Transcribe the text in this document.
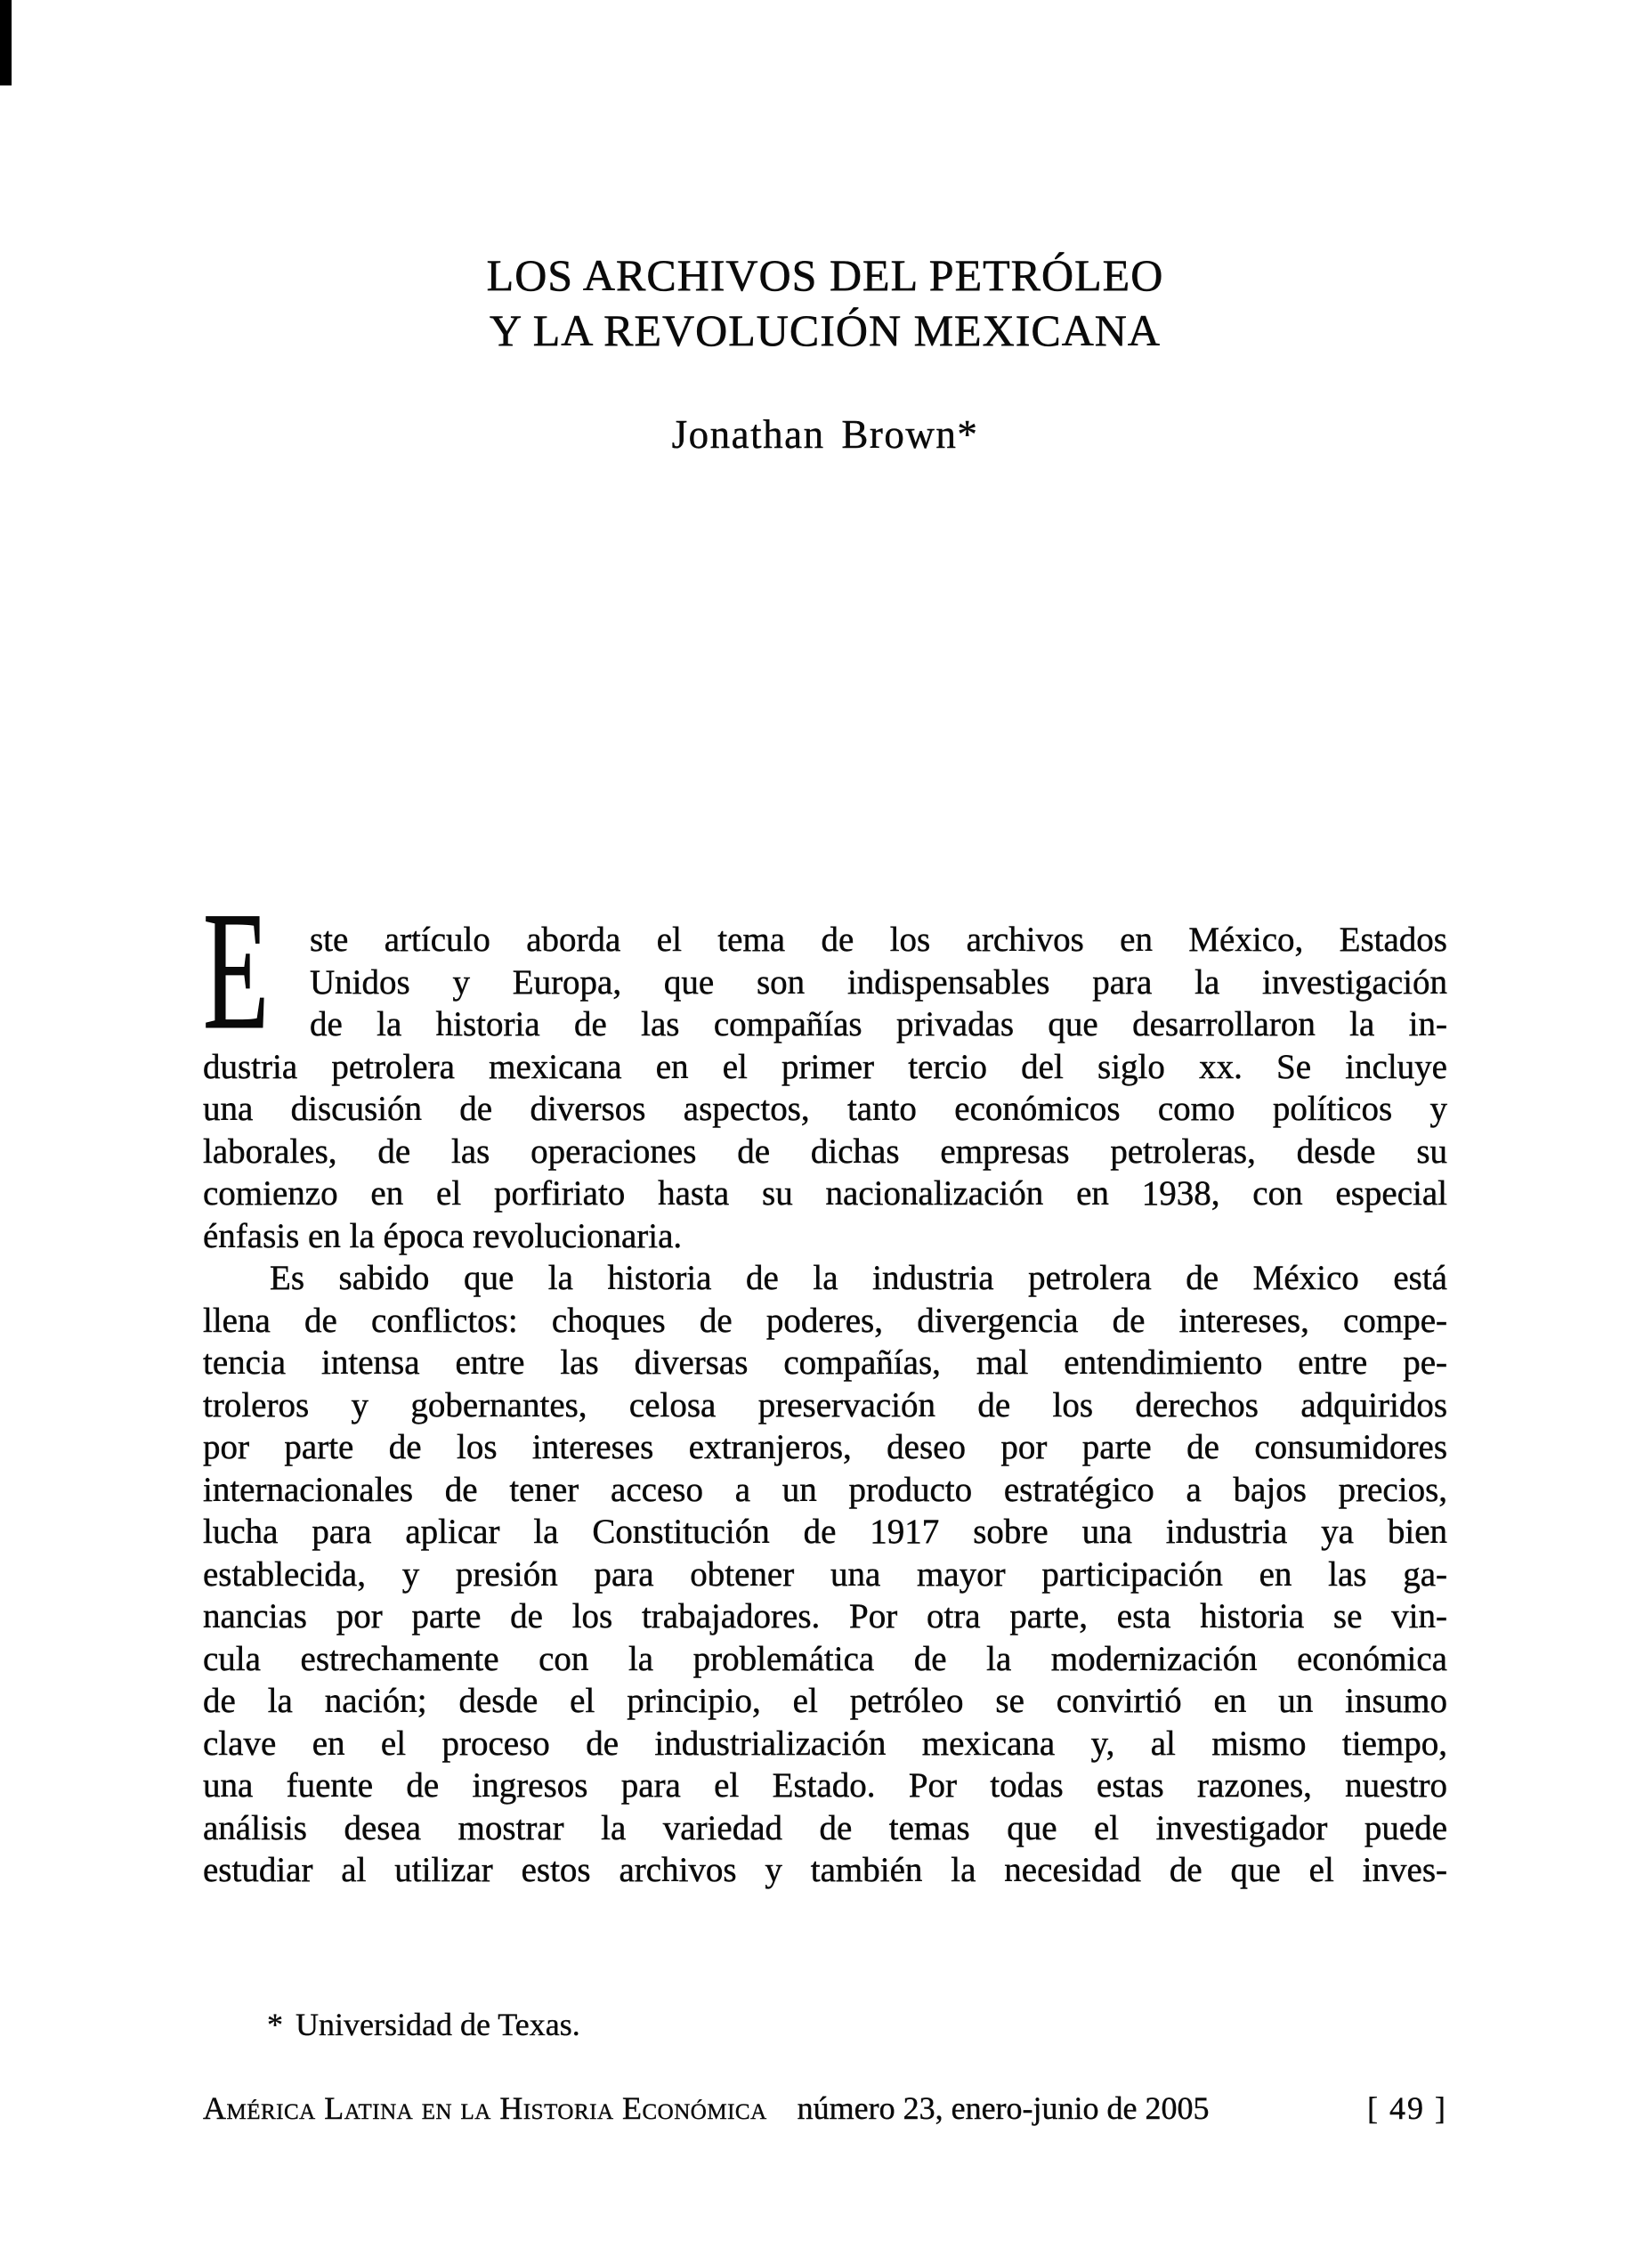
LOS ARCHIVOS DEL PETRÓLEO
Y LA REVOLUCIÓN MEXICANA
Jonathan Brown*
E	ste artículo aborda el tema de los archivos en México, Estados
Unidos y Europa, que son indispensables para la investigación
de la historia de las compañías privadas que desarrollaron la in-
dustria petrolera mexicana en el primer tercio del siglo xx. Se incluye
una discusión de diversos aspectos, tanto económicos como políticos y
laborales, de las operaciones de dichas empresas petroleras, desde su
comienzo en el porfiriato hasta su nacionalización en 1938, con especial
énfasis en la época revolucionaria.
Es sabido que la historia de la industria petrolera de México está
llena de conflictos: choques de poderes, divergencia de intereses, compe-
tencia intensa entre las diversas compañías, mal entendimiento entre pe-
troleros y gobernantes, celosa preservación de los derechos adquiridos
por parte de los intereses extranjeros, deseo por parte de consumidores
internacionales de tener acceso a un producto estratégico a bajos precios,
lucha para aplicar la Constitución de 1917 sobre una industria ya bien
establecida, y presión para obtener una mayor participación en las ga-
nancias por parte de los trabajadores. Por otra parte, esta historia se vin-
cula estrechamente con la problemática de la modernización económica
de la nación; desde el principio, el petróleo se convirtió en un insumo
clave en el proceso de industrialización mexicana y, al mismo tiempo,
una fuente de ingresos para el Estado. Por todas estas razones, nuestro
análisis desea mostrar la variedad de temas que el investigador puede
estudiar al utilizar estos archivos y también la necesidad de que el inves-
* Universidad de Texas.
América Latina en la Historia Económica número 23, enero-junio de 2005	[ 49 ]
